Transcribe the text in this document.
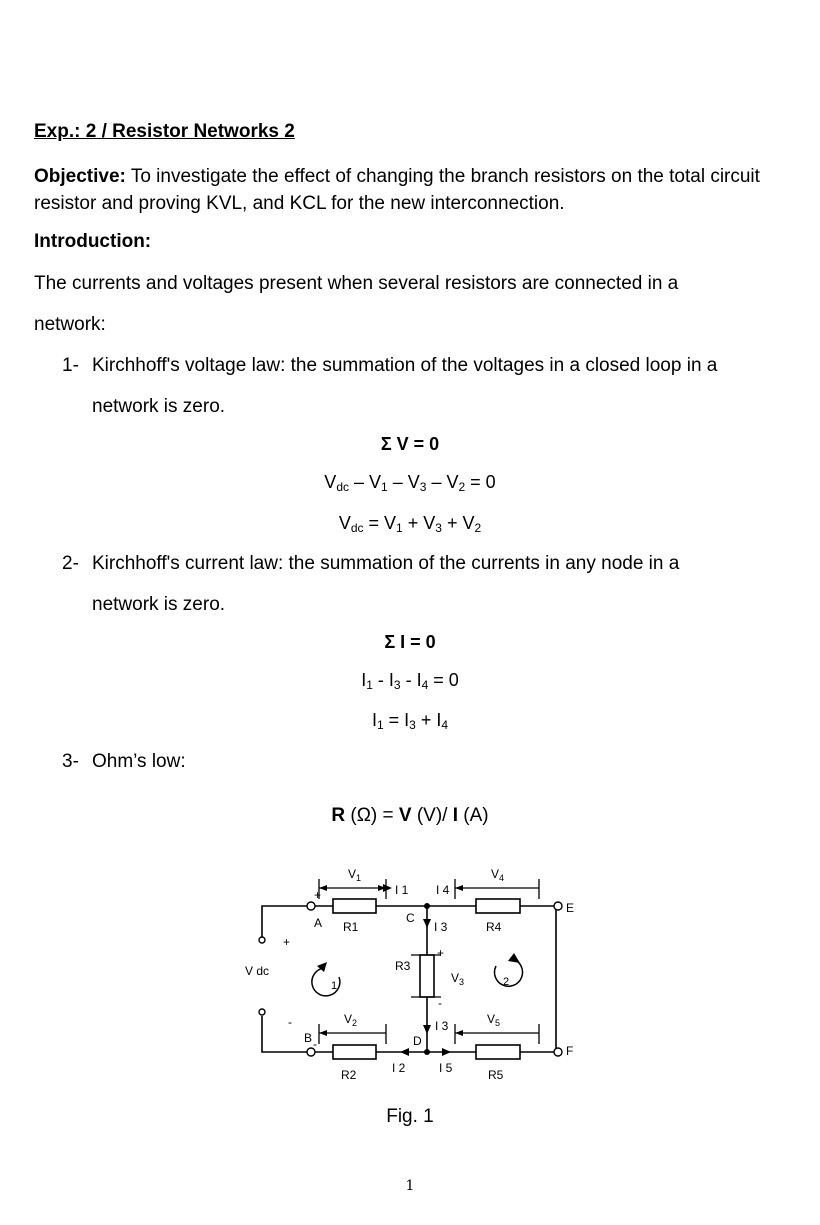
Exp.: 2 / Resistor Networks 2
Objective: To investigate the effect of changing the branch resistors on the total circuit resistor and proving KVL, and KCL for the new interconnection.
Introduction:
The currents and voltages present when several resistors are connected in a
network:
1- Kirchhoff's voltage law: the summation of the voltages in a closed loop in a
network is zero.
Σ V = 0
$V_{dc} - V_1 - V_3 - V_2 = 0$
$V_{dc} = V_1 + V_3 + V_2$
2- Kirchhoff's current law: the summation of the currents in any node in a
network is zero.
Σ I = 0
$I_1 - I_3 - I_4 = 0$
$I_1 = I_3 + I_4$
3- Ohm’s low:
R (Ω) = V (V)/ I (A)
A
B
C
D
E
F
R1
R2
R3
R4
R5
V dc
+
-
+
-
+
-
$V_1$
$V_2$
$V_3$
$V_4$
$V_5$
I 1 I 4
I 3
I 3
I 2	I 5
1	2
Fig. 1
1
